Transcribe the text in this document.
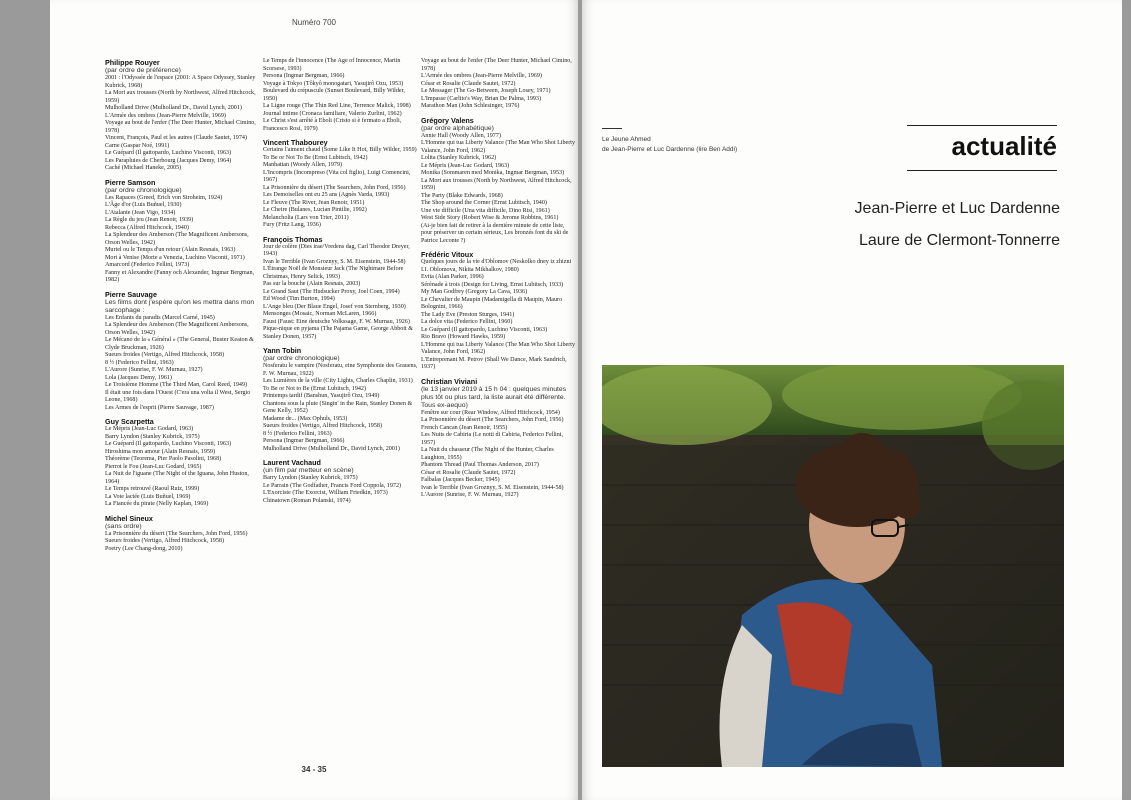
Numéro 700
Philippe Rouyer
(par ordre de préférence)
2001 : l'Odyssée de l'espace (2001: A Space Odyssey, Stanley Kubrick, 1968)
La Mort aux trousses (North by Northwest, Alfred Hitchcock, 1959)
Mulholland Drive (Mulholland Dr., David Lynch, 2001)
L'Armée des ombres (Jean-Pierre Melville, 1969)
Voyage au bout de l'enfer (The Deer Hunter, Michael Cimino, 1978)
Vincent, François, Paul et les autres (Claude Sautet, 1974)
Carne (Gaspar Noé, 1991)
Le Guépard (Il gattopardo, Luchino Visconti, 1963)
Les Parapluies de Cherbourg (Jacques Demy, 1964)
Caché (Michael Haneke, 2005)
Pierre Samson
(par ordre chronologique)
Les Rapaces (Greed, Erich von Stroheim, 1924)
L'Âge d'or (Luis Buñuel, 1930)
L'Atalante (Jean Vigo, 1934)
La Règle du jeu (Jean Renoir, 1939)
Rebecca (Alfred Hitchcock, 1940)
La Splendeur des Amberson (The Magnificent Ambersons, Orson Welles, 1942)
Muriel ou le Temps d'un retour (Alain Resnais, 1963)
Mort à Venise (Morte a Venezia, Luchino Visconti, 1971)
Amarcord (Federico Fellini, 1973)
Fanny et Alexandre (Fanny och Alexander, Ingmar Bergman, 1982)
Pierre Sauvage
Les films dont j'espère qu'on les mettra dans mon sarcophage :
Les Enfants du paradis (Marcel Carné, 1945)
La Splendeur des Amberson (The Magnificent Ambersons, Orson Welles, 1942)
Le Mécano de la « Général » (The General, Buster Keaton & Clyde Bruckman, 1926)
Sueurs froides (Vertigo, Alfred Hitchcock, 1958)
8 ½ (Federico Fellini, 1963)
L'Aurore (Sunrise, F. W. Murnau, 1927)
Lola (Jacques Demy, 1961)
Le Troisième Homme (The Third Man, Carol Reed, 1949)
Il était une fois dans l'Ouest (C'era una volta il West, Sergio Leone, 1968)
Les Armes de l'esprit (Pierre Sauvage, 1987)
Guy Scarpetta
Le Mépris (Jean-Luc Godard, 1963)
Barry Lyndon (Stanley Kubrick, 1975)
Le Guépard (Il gattopardo, Luchino Visconti, 1963)
Hiroshima mon amour (Alain Resnais, 1959)
Théorème (Teorema, Pier Paolo Pasolini, 1968)
Pierrot le Fou (Jean-Luc Godard, 1965)
La Nuit de l'iguane (The Night of the Iguana, John Huston, 1964)
Le Temps retrouvé (Raoul Ruiz, 1999)
La Voie lactée (Luis Buñuel, 1969)
La Fiancée du pirate (Nelly Kaplan, 1969)
Michel Sineux
(sans ordre)
La Prisonnière du désert (The Searchers, John Ford, 1956)
Sueurs froides (Vertigo, Alfred Hitchcock, 1958)
Poetry (Lee Chang-dong, 2010)
Le Temps de l'innocence (The Age of Innocence, Martin Scorsese, 1993)
Persona (Ingmar Bergman, 1966)
Voyage à Tokyo (Tôkyô monogatari, Yasujirô Ozu, 1953)
Boulevard du crépuscule (Sunset Boulevard, Billy Wilder, 1950)
La Ligne rouge (The Thin Red Line, Terrence Malick, 1998)
Journal intime (Cronaca familiare, Valerio Zurlini, 1962)
Le Christ s'est arrêté à Eboli (Cristo si è fermato a Eboli, Francesco Rosi, 1979)
Vincent Thabourey
Certains l'aiment chaud (Some Like It Hot, Billy Wilder, 1959)
To Be or Not To Be (Ernst Lubitsch, 1942)
Manhattan (Woody Allen, 1979)
L'Incompris (Incompreso (Vita col figlio), Luigi Comencini, 1967)
La Prisonnière du désert (The Searchers, John Ford, 1956)
Les Demoiselles ont eu 25 ans (Agnès Varda, 1993)
Le Fleuve (The River, Jean Renoir, 1951)
Le Cheire (Bulanes, Lucian Pintilie, 1992)
Melancholia (Lars von Trier, 2011)
Fury (Fritz Lang, 1936)
François Thomas
Jour de colère (Dies irae/Vredens dag, Carl Theodor Dreyer, 1943)
Ivan le Terrible (Ivan Groznyy, S. M. Eisenstein, 1944-58)
L'Étrange Noël de Monsieur Jack (The Nightmare Before Christmas, Henry Selick, 1993)
Pas sur la bouche (Alain Resnais, 2003)
Le Grand Saut (The Hudsucker Proxy, Joel Coen, 1994)
Ed Wood (Tim Burton, 1994)
L'Ange bleu (Der Blaue Engel, Josef von Sternberg, 1930)
Mensonges (Mosaic, Norman McLaren, 1966)
Faust (Faust: Eine deutsche Volkssage, F. W. Murnau, 1926)
Pique-nique en pyjama (The Pajama Game, George Abbott & Stanley Donen, 1957)
Yann Tobin
(par ordre chronologique)
Nosferatu le vampire (Nosferatu, eine Symphonie des Grauens, F. W. Murnau, 1922)
Les Lumières de la ville (City Lights, Charles Chaplin, 1931)
To Be or Not to Be (Ernst Lubitsch, 1942)
Printemps tardif (Banshun, Yasujirô Ozu, 1949)
Chantons sous la pluie (Singin' in the Rain, Stanley Donen & Gene Kelly, 1952)
Madame de... (Max Ophuls, 1953)
Sueurs froides (Vertigo, Alfred Hitchcock, 1958)
8 ½ (Federico Fellini, 1963)
Persona (Ingmar Bergman, 1966)
Mulholland Drive (Mulholland Dr., David Lynch, 2001)
Laurent Vachaud
(un film par metteur en scène)
Barry Lyndon (Stanley Kubrick, 1975)
Le Parrain (The Godfather, Francis Ford Coppola, 1972)
L'Exorciste (The Exorcist, William Friedkin, 1973)
Chinatown (Roman Polanski, 1974)
Voyage au bout de l'enfer (The Deer Hunter, Michael Cimino, 1978)
L'Armée des ombres (Jean-Pierre Melville, 1969)
César et Rosalie (Claude Sautet, 1972)
Le Messager (The Go-Between, Joseph Losey, 1971)
L'Impasse (Carlito's Way, Brian De Palma, 1993)
Marathon Man (John Schlesinger, 1976)
Grégory Valens
(par ordre alphabétique)
Annie Hall (Woody Allen, 1977)
L'Homme qui tua Liberty Valance (The Man Who Shot Liberty Valance, John Ford, 1962)
Lolita (Stanley Kubrick, 1962)
Le Mépris (Jean-Luc Godard, 1963)
Monika (Sommaren med Monika, Ingmar Bergman, 1953)
La Mort aux trousses (North by Northwest, Alfred Hitchcock, 1959)
The Party (Blake Edwards, 1968)
The Shop around the Corner (Ernst Lubitsch, 1940)
Une vie difficile (Una vita difficile, Dino Risi, 1961)
West Side Story (Robert Wise & Jerome Robbins, 1961)
(Ai-je bien fait de retirer à la dernière minute de cette liste, pour préserver un certain sérieux, Les bronzés font du ski de Patrice Leconte ?)
Frédéric Vitoux
Quelques jours de la vie d'Oblomov (Neskolko dney iz zhizni I.I. Oblomova, Nikita Mikhalkov, 1980)
Evita (Alan Parker, 1996)
Sérénade à trois (Design for Living, Ernst Lubitsch, 1933)
My Man Godfrey (Gregory La Cava, 1936)
Le Chevalier de Maupin (Madamigella di Maupin, Mauro Bolognini, 1966)
The Lady Eve (Preston Sturges, 1941)
La dolce vita (Federico Fellini, 1960)
Le Guépard (Il gattopardo, Luchino Visconti, 1963)
Rio Bravo (Howard Hawks, 1959)
L'Homme qui tua Liberty Valance (The Man Who Shot Liberty Valance, John Ford, 1962)
L'Entreprenant M. Petrov (Shall We Dance, Mark Sandrich, 1937)
Christian Viviani
(le 13 janvier 2019 à 15 h 04 : quelques minutes plus tôt ou plus tard, la liste aurait été différente. Tous ex-aequo)
Fenêtre sur cour (Rear Window, Alfred Hitchcock, 1954)
La Prisonnière du désert (The Searchers, John Ford, 1956)
French Cancan (Jean Renoir, 1955)
Les Nuits de Cabiria (Le notti di Cabiria, Federico Fellini, 1957)
La Nuit du chasseur (The Night of the Hunter, Charles Laughton, 1955)
Phantom Thread (Paul Thomas Anderson, 2017)
César et Rosalie (Claude Sautet, 1972)
Falbalas (Jacques Becker, 1945)
Ivan le Terrible (Ivan Groznyy, S. M. Eisenstein, 1944-58)
L'Aurore (Sunrise, F. W. Murnau, 1927)
34 - 35
Le Jeune Ahmed
de Jean-Pierre et Luc Dardenne (lire Ben Addi)	actualité
Jean-Pierre et Luc Dardenne
Laure de Clermont-Tonnerre
